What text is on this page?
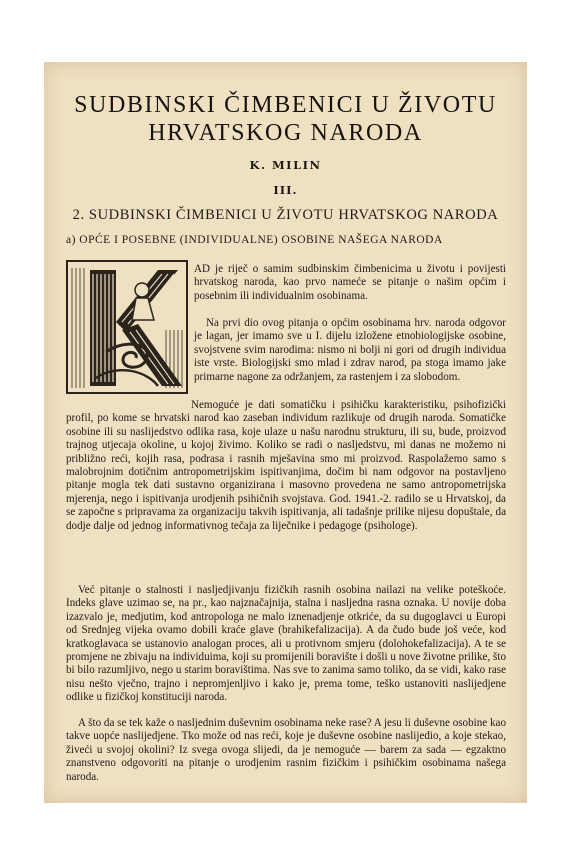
SUDBINSKI ČIMBENICI U ŽIVOTU
HRVATSKOG NARODA
K. MILIN
III.
2. SUDBINSKI ČIMBENICI U ŽIVOTU HRVATSKOG NARODA
a) OPĆE I POSEBNE (INDIVIDUALNE) OSOBINE NAŠEGA NARODA

AD je riječ o samim sudbinskim čimbenicima u životu i povijesti hrvatskog naroda, kao prvo nameće se pitanje o našim općim i posebnim ili individualnim osobinama.

Na prvi dio ovog pitanja o općim osobinama hrv. naroda odgovor je lagan, jer imamo sve u I. dijelu izložene etnobiologijske osobine, svojstvene svim narodima: nismo ni bolji ni gori od drugih individua iste vrste. Biologijski smo mlad i zdrav narod, pa stoga imamo jake primarne nagone za održanjem, za rastenjem i za slobodom.

Nemoguće je dati somatičku i psihičku karakteristiku, psihofizički profil, po kome se hrvatski narod kao zaseban individum razlikuje od drugih naroda. Somatičke osobine ili su naslijedstvo odlika rasa, koje ulaze u našu narodnu strukturu, ili su, bude, proizvod trajnog utjecaja okoline, u kojoj živimo. Koliko se radi o nasljedstvu, mi danas ne možemo ni približno reći, kojih rasa, podrasa i rasnih mješavina smo mi proizvod. Raspolažemo samo s malobrojnim dotičnim antropometrijskim ispitivanjima, dočim bi nam odgovor na postavljeno pitanje mogla tek dati sustavno organizirana i masovno provedena ne samo antropometrijska mjerenja, nego i ispitivanja urodjenih psihičnih svojstava. God. 1941.-2. radilo se u Hrvatskoj, da se započne s pripravama za organizaciju takvih ispitivanja, ali tadašnje prilike nijesu dopuštale, da dodje dalje od jednog informativnog tečaja za liječnike i pedagoge (psihologe).

Već pitanje o stalnosti i nasljedjivanju fizičkih rasnih osobina nailazi na velike poteškoće. Indeks glave uzimao se, na pr., kao najznačajnija, stalna i nasljedna rasna oznaka. U novije doba izazvalo je, medjutim, kod antropologa ne malo iznenadjenje otkriće, da su dugoglavci u Europi od Srednjeg vijeka ovamo dobili kraće glave (brahikefalizacija). A da čudo bude još veće, kod kratkoglavaca se ustanovio analogan proces, ali u protivnom smjeru (dolohokefalizacija). A te se promjene ne zbivaju na individuima, koji su promijenili boravište i došli u nove životne prilike, što bi bilo razumljivo, nego u starim boravištima. Nas sve to zanima samo toliko, da se vidi, kako rase nisu nešto vječno, trajno i nepromjenljivo i kako je, prema tome, teško ustanoviti naslijedjene odlike u fizičkoj konstituciji naroda.

A što da se tek kaže o nasljednim duševnim osobinama neke rase? A jesu li duševne osobine kao takve uopće naslijedjene. Tko može od nas reći, koje je duševne osobine naslijedio, a koje stekao, živeći u svojoj okolini? Iz svega ovoga slijedi, da je nemoguće — barem za sada — egzaktno znanstveno odgovoriti na pitanje o urodjenim rasnim fizičkim i psihičkim osobinama našega naroda.
